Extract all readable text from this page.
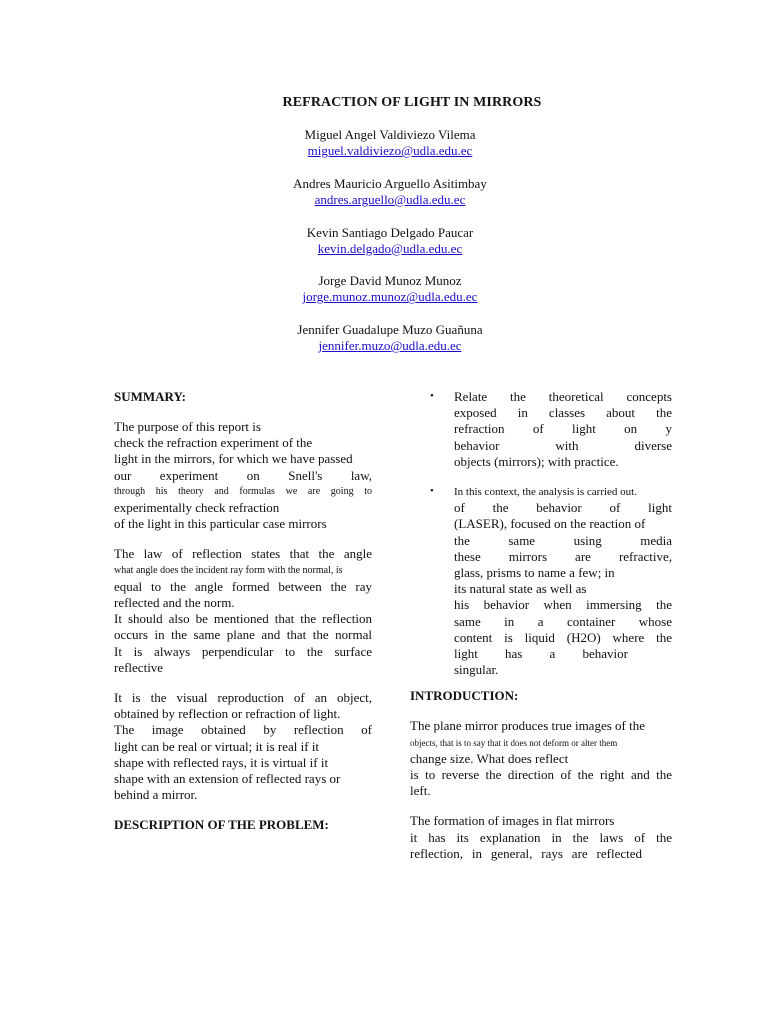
REFRACTION OF LIGHT IN MIRRORS
Miguel Angel Valdiviezo Vilema
miguel.valdiviezo@udla.edu.ec
Andres Mauricio Arguello Asitimbay
andres.arguello@udla.edu.ec
Kevin Santiago Delgado Paucar
kevin.delgado@udla.edu.ec
Jorge David Munoz Munoz
jorge.munoz.munoz@udla.edu.ec
Jennifer Guadalupe Muzo Guañuna
jennifer.muzo@udla.edu.ec
SUMMARY:
The purpose of this report is
check the refraction experiment of the
light in the mirrors, for which we have passed
our experiment on Snell's law,
through his theory and formulas we are going to
experimentally check refraction
of the light in this particular case mirrors
The law of reflection states that the angle
what angle does the incident ray form with the normal, is
equal to the angle formed between the ray
reflected and the norm.
It should also be mentioned that the reflection
occurs in the same plane and that the normal
It is always perpendicular to the surface
reflective
It is the visual reproduction of an object,
obtained by reflection or refraction of light.
The image obtained by reflection of
light can be real or virtual; it is real if it
shape with reflected rays, it is virtual if it
shape with an extension of reflected rays or
behind a mirror.
DESCRIPTION OF THE PROBLEM:
• Relate the theoretical concepts
exposed in classes about the
refraction of light on y
behavior with diverse
objects (mirrors); with practice.
• In this context, the analysis is carried out.
of the behavior of light
(LASER), focused on the reaction of
the same using media
these mirrors are refractive,
glass, prisms to name a few; in
its natural state as well as
his behavior when immersing the
same in a container whose
content is liquid (H2O) where the
light has a behavior
singular.
INTRODUCTION:
The plane mirror produces true images of the
objects, that is to say that it does not deform or alter them
change size. What does reflect
is to reverse the direction of the right and the
left.
The formation of images in flat mirrors
it has its explanation in the laws of the
reflection, in general, rays are reflected
